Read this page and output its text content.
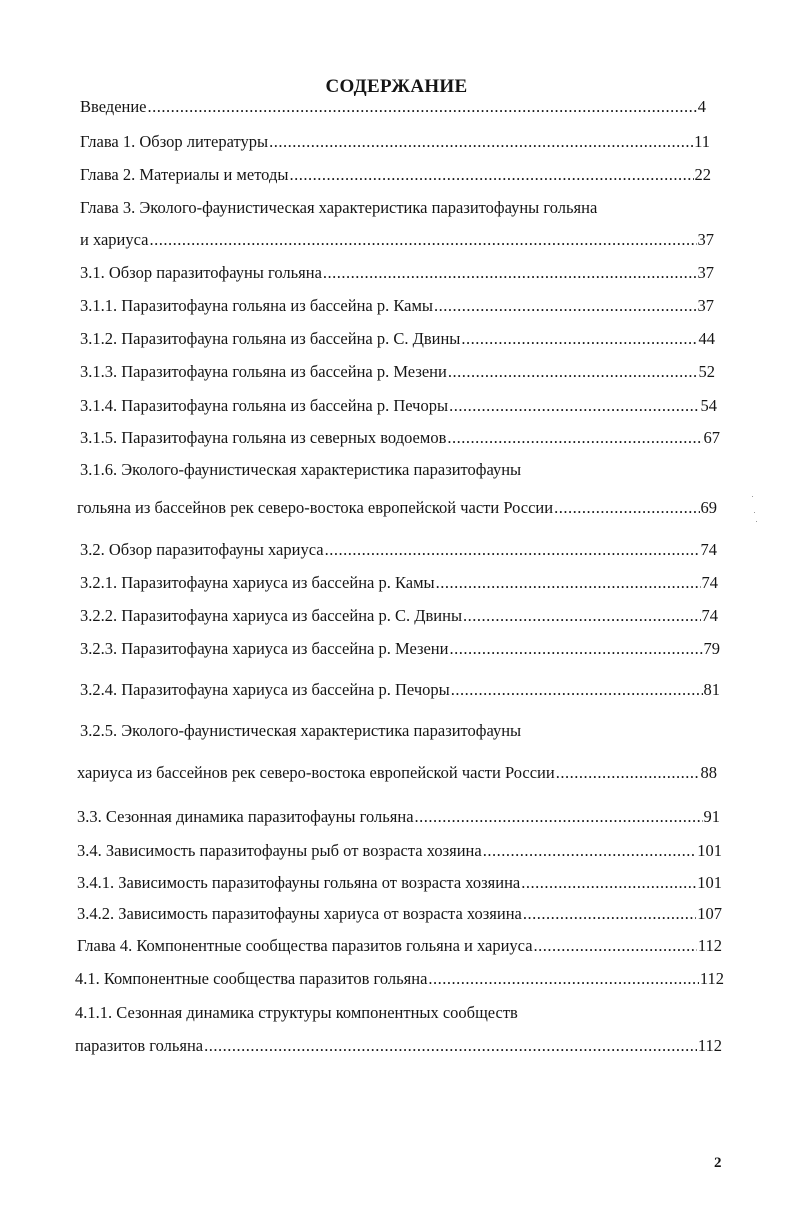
СОДЕРЖАНИЕ
Введение .....	4
Глава 1. Обзор литературы .....	11
Глава 2. Материалы и методы .....	22
Глава 3. Эколого-фаунистическая характеристика паразитофауны гольяна
и хариуса .....	37
3.1. Обзор паразитофауны гольяна .....	37
3.1.1. Паразитофауна гольяна из бассейна р. Камы .....	37
3.1.2. Паразитофауна гольяна из бассейна р. С. Двины .....	44
3.1.3. Паразитофауна гольяна из бассейна р. Мезени .....	52
3.1.4. Паразитофауна гольяна из бассейна р. Печоры .....	54
3.1.5. Паразитофауна гольяна из северных водоемов .....	67
3.1.6. Эколого-фаунистическая характеристика паразитофауны
гольяна из бассейнов рек северо-востока европейской части России .....	69
3.2. Обзор паразитофауны хариуса .....	74
3.2.1. Паразитофауна хариуса из бассейна р. Камы .....	74
3.2.2. Паразитофауна хариуса из бассейна р. С. Двины .....	74
3.2.3. Паразитофауна хариуса из бассейна р. Мезени .....	79
3.2.4. Паразитофауна хариуса из бассейна р. Печоры .....	81
3.2.5. Эколого-фаунистическая характеристика паразитофауны
хариуса из бассейнов рек северо-востока европейской части России .....	88
3.3. Сезонная динамика паразитофауны гольяна .....	91
3.4. Зависимость паразитофауны рыб от возраста хозяина .....	101
3.4.1. Зависимость паразитофауны гольяна от возраста хозяина .....	101
3.4.2. Зависимость паразитофауны хариуса от возраста хозяина .....	107
Глава 4. Компонентные сообщества паразитов гольяна и хариуса .....	112
4.1. Компонентные сообщества паразитов гольяна .....	112
4.1.1. Сезонная динамика структуры компонентных сообществ
паразитов гольяна .....	112
2
